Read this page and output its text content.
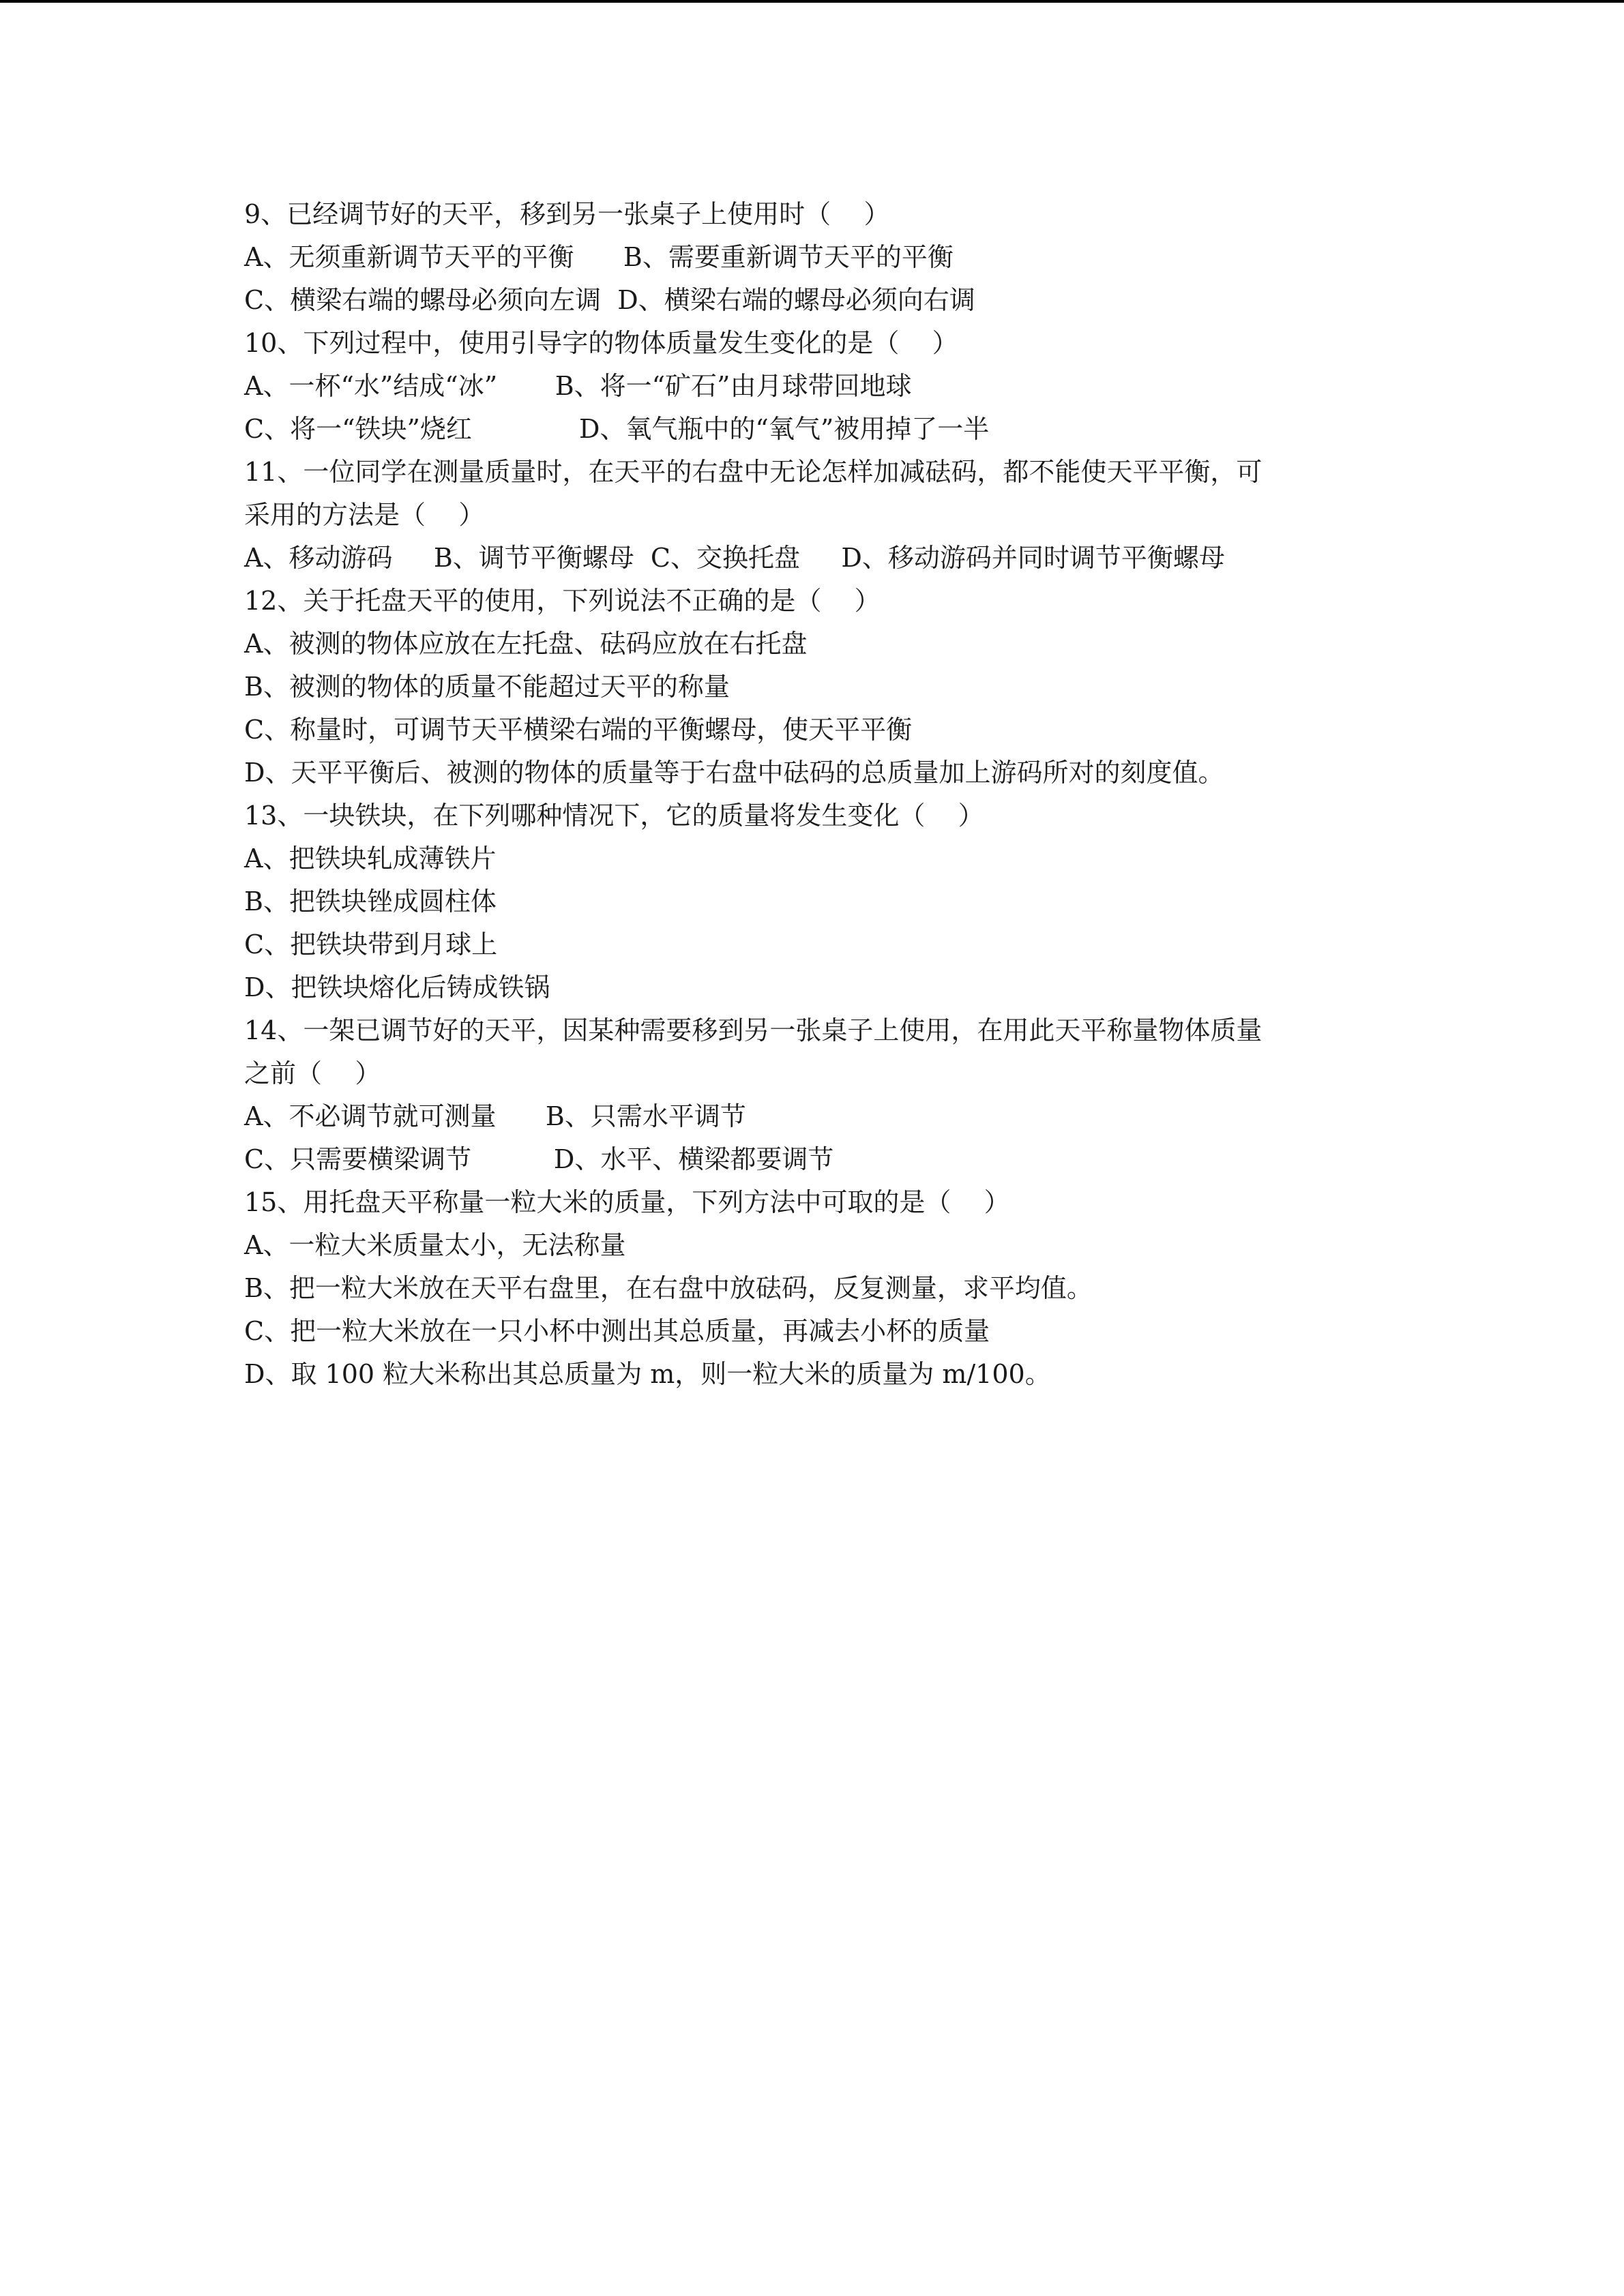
9、已经调节好的天平，移到另一张桌子上使用时（    ）
A、无须重新调节天平的平衡      B、需要重新调节天平的平衡
C、横梁右端的螺母必须向左调  D、横梁右端的螺母必须向右调
10、下列过程中，使用引导字的物体质量发生变化的是（    ）
A、一杯“水”结成“冰”       B、将一“矿石”由月球带回地球
C、将一“铁块”烧红             D、氧气瓶中的“氧气”被用掉了一半
11、一位同学在测量质量时，在天平的右盘中无论怎样加减砝码，都不能使天平平衡，可
采用的方法是（    ）
A、移动游码     B、调节平衡螺母  C、交换托盘     D、移动游码并同时调节平衡螺母
12、关于托盘天平的使用，下列说法不正确的是（    ）
A、被测的物体应放在左托盘、砝码应放在右托盘
B、被测的物体的质量不能超过天平的称量
C、称量时，可调节天平横梁右端的平衡螺母，使天平平衡
D、天平平衡后、被测的物体的质量等于右盘中砝码的总质量加上游码所对的刻度值。
13、一块铁块，在下列哪种情况下，它的质量将发生变化（    ）
A、把铁块轧成薄铁片
B、把铁块锉成圆柱体
C、把铁块带到月球上
D、把铁块熔化后铸成铁锅
14、一架已调节好的天平，因某种需要移到另一张桌子上使用，在用此天平称量物体质量
之前（    ）
A、不必调节就可测量      B、只需水平调节
C、只需要横梁调节          D、水平、横梁都要调节
15、用托盘天平称量一粒大米的质量，下列方法中可取的是（    ）
A、一粒大米质量太小，无法称量
B、把一粒大米放在天平右盘里，在右盘中放砝码，反复测量，求平均值。
C、把一粒大米放在一只小杯中测出其总质量，再减去小杯的质量
D、取 100 粒大米称出其总质量为 m，则一粒大米的质量为 m/100。
